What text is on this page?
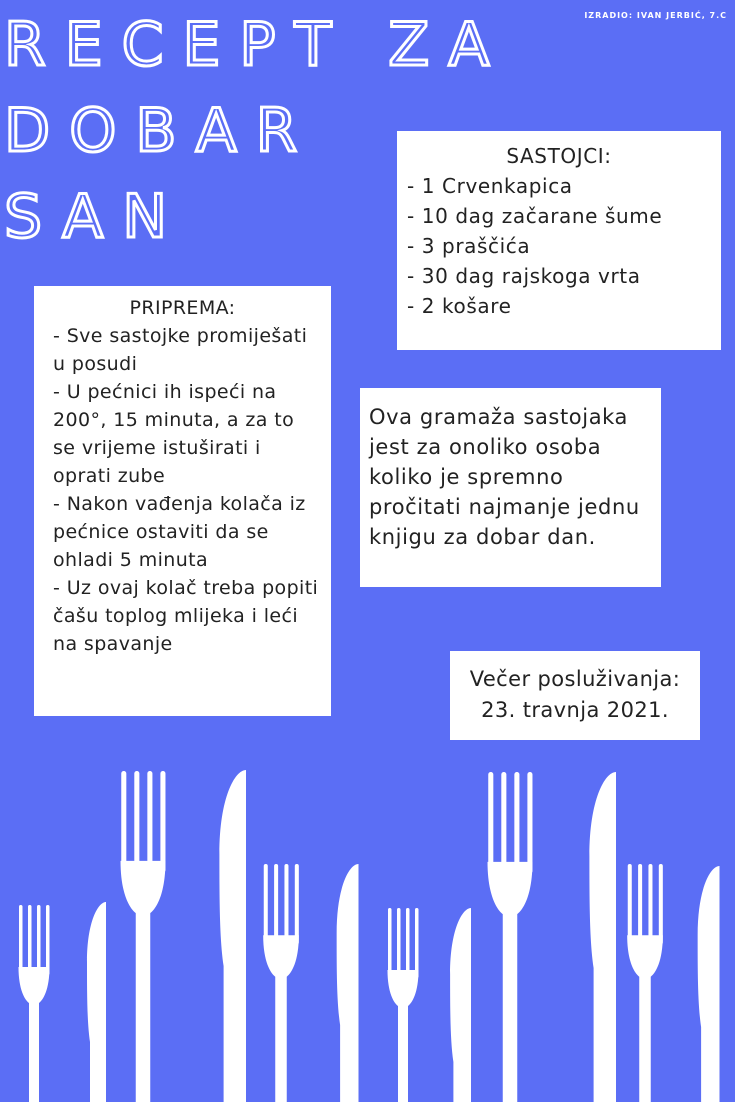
IZRADIO: IVAN JERBIĆ, 7.C
RECEPT ZA
DOBAR
SAN
SASTOJCI:
- 1 Crvenkapica
- 10 dag začarane šume
- 3 praščića
- 30 dag rajskoga vrta
- 2 košare
PRIPREMA:
- Sve sastojke promiješati u posudi
- U pećnici ih ispeći na 200°, 15 minuta, a za to se vrijeme istuširati i oprati zube
- Nakon vađenja kolača iz pećnice ostaviti da se ohladi 5 minuta
- Uz ovaj kolač treba popiti čašu toplog mlijeka i leći na spavanje

Ova gramaža sastojaka jest za onoliko osoba koliko je spremno pročitati najmanje jednu knjigu za dobar dan.

Večer posluživanja:
23. travnja 2021.
